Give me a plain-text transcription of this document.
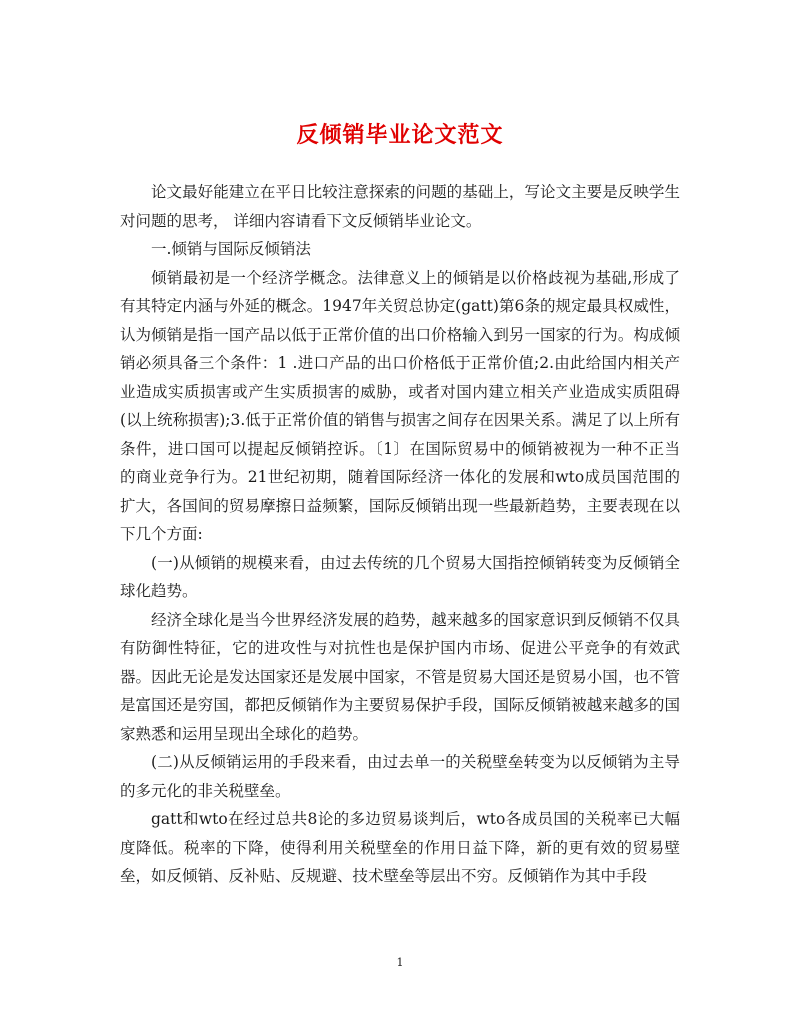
反倾销毕业论文范文

论文最好能建立在平日比较注意探索的问题的基础上，写论文主要是反映学生对问题的思考， 详细内容请看下文反倾销毕业论文。

一.倾销与国际反倾销法

倾销最初是一个经济学概念。法律意义上的倾销是以价格歧视为基础,形成了有其特定内涵与外延的概念。1947年关贸总协定(gatt)第6条的规定最具权威性，认为倾销是指一国产品以低于正常价值的出口价格输入到另一国家的行为。构成倾销必须具备三个条件：1 .进口产品的出口价格低于正常价值;2.由此给国内相关产业造成实质损害或产生实质损害的威胁，或者对国内建立相关产业造成实质阻碍(以上统称损害);3.低于正常价值的销售与损害之间存在因果关系。满足了以上所有条件，进口国可以提起反倾销控诉。〔1〕在国际贸易中的倾销被视为一种不正当的商业竞争行为。21世纪初期，随着国际经济一体化的发展和wto成员国范围的扩大，各国间的贸易摩擦日益频繁，国际反倾销出现一些最新趋势，主要表现在以下几个方面:

(一)从倾销的规模来看，由过去传统的几个贸易大国指控倾销转变为反倾销全球化趋势。

经济全球化是当今世界经济发展的趋势，越来越多的国家意识到反倾销不仅具有防御性特征，它的进攻性与对抗性也是保护国内市场、促进公平竞争的有效武器。因此无论是发达国家还是发展中国家，不管是贸易大国还是贸易小国，也不管是富国还是穷国，都把反倾销作为主要贸易保护手段，国际反倾销被越来越多的国家熟悉和运用呈现出全球化的趋势。

(二)从反倾销运用的手段来看，由过去单一的关税壁垒转变为以反倾销为主导的多元化的非关税壁垒。

gatt和wto在经过总共8论的多边贸易谈判后，wto各成员国的关税率已大幅度降低。税率的下降，使得利用关税壁垒的作用日益下降，新的更有效的贸易壁垒，如反倾销、反补贴、反规避、技术壁垒等层出不穷。反倾销作为其中手段

1
